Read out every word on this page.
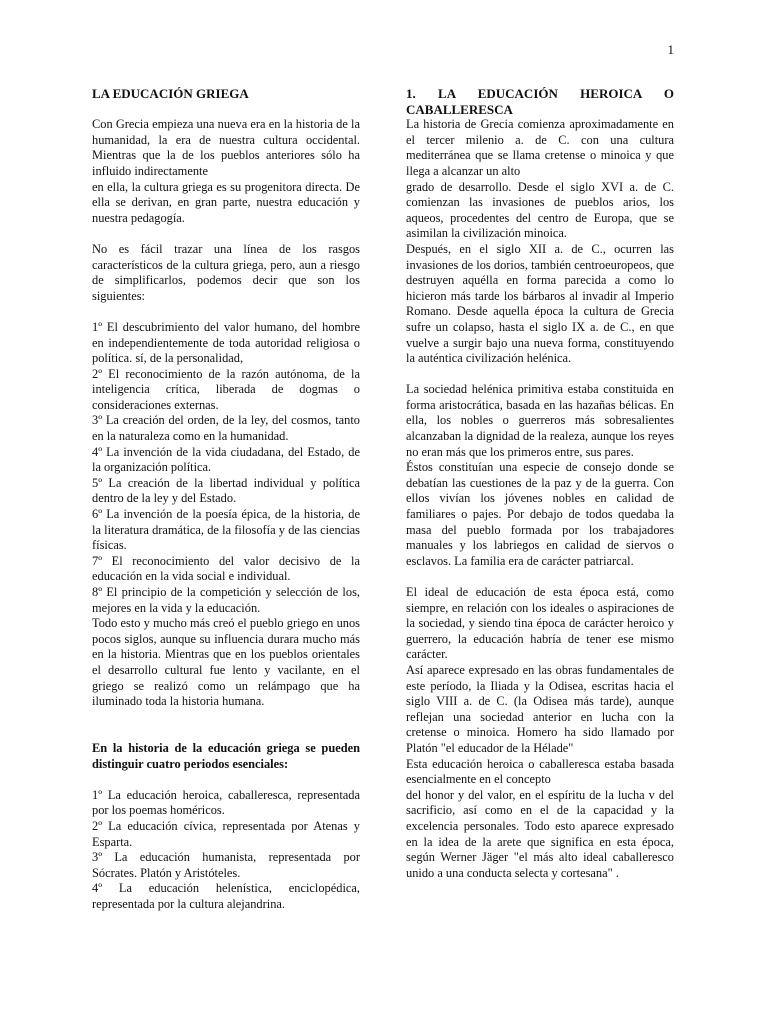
1

LA EDUCACIÓN GRIEGA

Con Grecia empieza una nueva era en la historia de la humanidad, la era de nuestra cultura occidental. Mientras que la de los pueblos anteriores sólo ha influido indirectamente

en ella, la cultura griega es su progenitora directa. De ella se derivan, en gran parte, nuestra educación y nuestra pedagogía.

No es fácil trazar una línea de los rasgos característicos de la cultura griega, pero, aun a riesgo de simplificarlos, podemos decir que son los siguientes:

1º El descubrimiento del valor humano, del hombre en independientemente de toda autoridad religiosa o política. sí, de la personalidad,

2º El reconocimiento de la razón autónoma, de la inteligencia crítica, liberada de dogmas o consideraciones externas.

3º La creación del orden, de la ley, del cosmos, tanto en la naturaleza como en la humanidad.

4º La invención de la vida ciudadana, del Estado, de la organización política.

5º La creación de la libertad individual y política dentro de la ley y del Estado.

6º La invención de la poesía épica, de la historia, de la literatura dramática, de la filosofía y de las ciencias físicas.

7º El reconocimiento del valor decisivo de la educación en la vida social e individual.

8º El principio de la competición y selección de los, mejores en la vida y la educación.

Todo esto y mucho más creó el pueblo griego en unos pocos siglos, aunque su influencia durara mucho más en la historia. Mientras que en los pueblos orientales el desarrollo cultural fue lento y vacilante, en el griego se realizó como un relámpago que ha iluminado toda la historia humana.

En la historia de la educación griega se pueden distinguir cuatro periodos esenciales:

1º La educación heroica, caballeresca, representada por los poemas homéricos.

2º La educación cívica, representada por Atenas y Esparta.

3º La educación humanista, representada por Sócrates. Platón y Aristóteles.

4º La educación helenística, enciclopédica, representada por la cultura alejandrina.

1. LA EDUCACIÓN HEROICA O CABALLERESCA

La historia de Grecia comienza aproximadamente en el tercer milenio a. de C. con una cultura mediterránea que se llama cretense o minoica y que llega a alcanzar un alto

grado de desarrollo. Desde el siglo XVI a. de C. comienzan las invasiones de pueblos arios, los aqueos, procedentes del centro de Europa, que se asimilan la civilización minoica.

Después, en el siglo XII a. de C., ocurren las invasiones de los dorios, también centroeuropeos, que destruyen aquélla en forma parecida a como lo hicieron más tarde los bárbaros al invadir al Imperio Romano. Desde aquella época la cultura de Grecia sufre un colapso, hasta el siglo IX a. de C., en que vuelve a surgir bajo una nueva forma, constituyendo la auténtica civilización helénica.

La sociedad helénica primitiva estaba constituida en forma aristocrática, basada en las hazañas bélicas. En ella, los nobles o guerreros más sobresalientes alcanzaban la dignidad de la realeza, aunque los reyes no eran más que los primeros entre, sus pares.

Éstos constituían una especie de consejo donde se debatían las cuestiones de la paz y de la guerra. Con ellos vivían los jóvenes nobles en calidad de familiares o pajes. Por debajo de todos quedaba la masa del pueblo formada por los trabajadores manuales y los labriegos en calidad de siervos o esclavos. La familia era de carácter patriarcal.

El ideal de educación de esta época está, como siempre, en relación con los ideales o aspiraciones de la sociedad, y siendo tina época de carácter heroico y guerrero, la educación habría de tener ese mismo carácter.

Así aparece expresado en las obras fundamentales de este período, la Iliada y la Odisea, escritas hacia el siglo VIII a. de C. (la Odisea más tarde), aunque reflejan una sociedad anterior en lucha con la cretense o minoica. Homero ha sido llamado por Platón "el educador de la Hélade"

Esta educación heroica o caballeresca estaba basada esencialmente en el concepto

del honor y del valor, en el espíritu de la lucha v del sacrificio, así como en el de la capacidad y la excelencia personales. Todo esto aparece expresado en la idea de la arete que significa en esta época, según Werner Jäger "el más alto ideal caballeresco unido a una conducta selecta y cortesana" .
